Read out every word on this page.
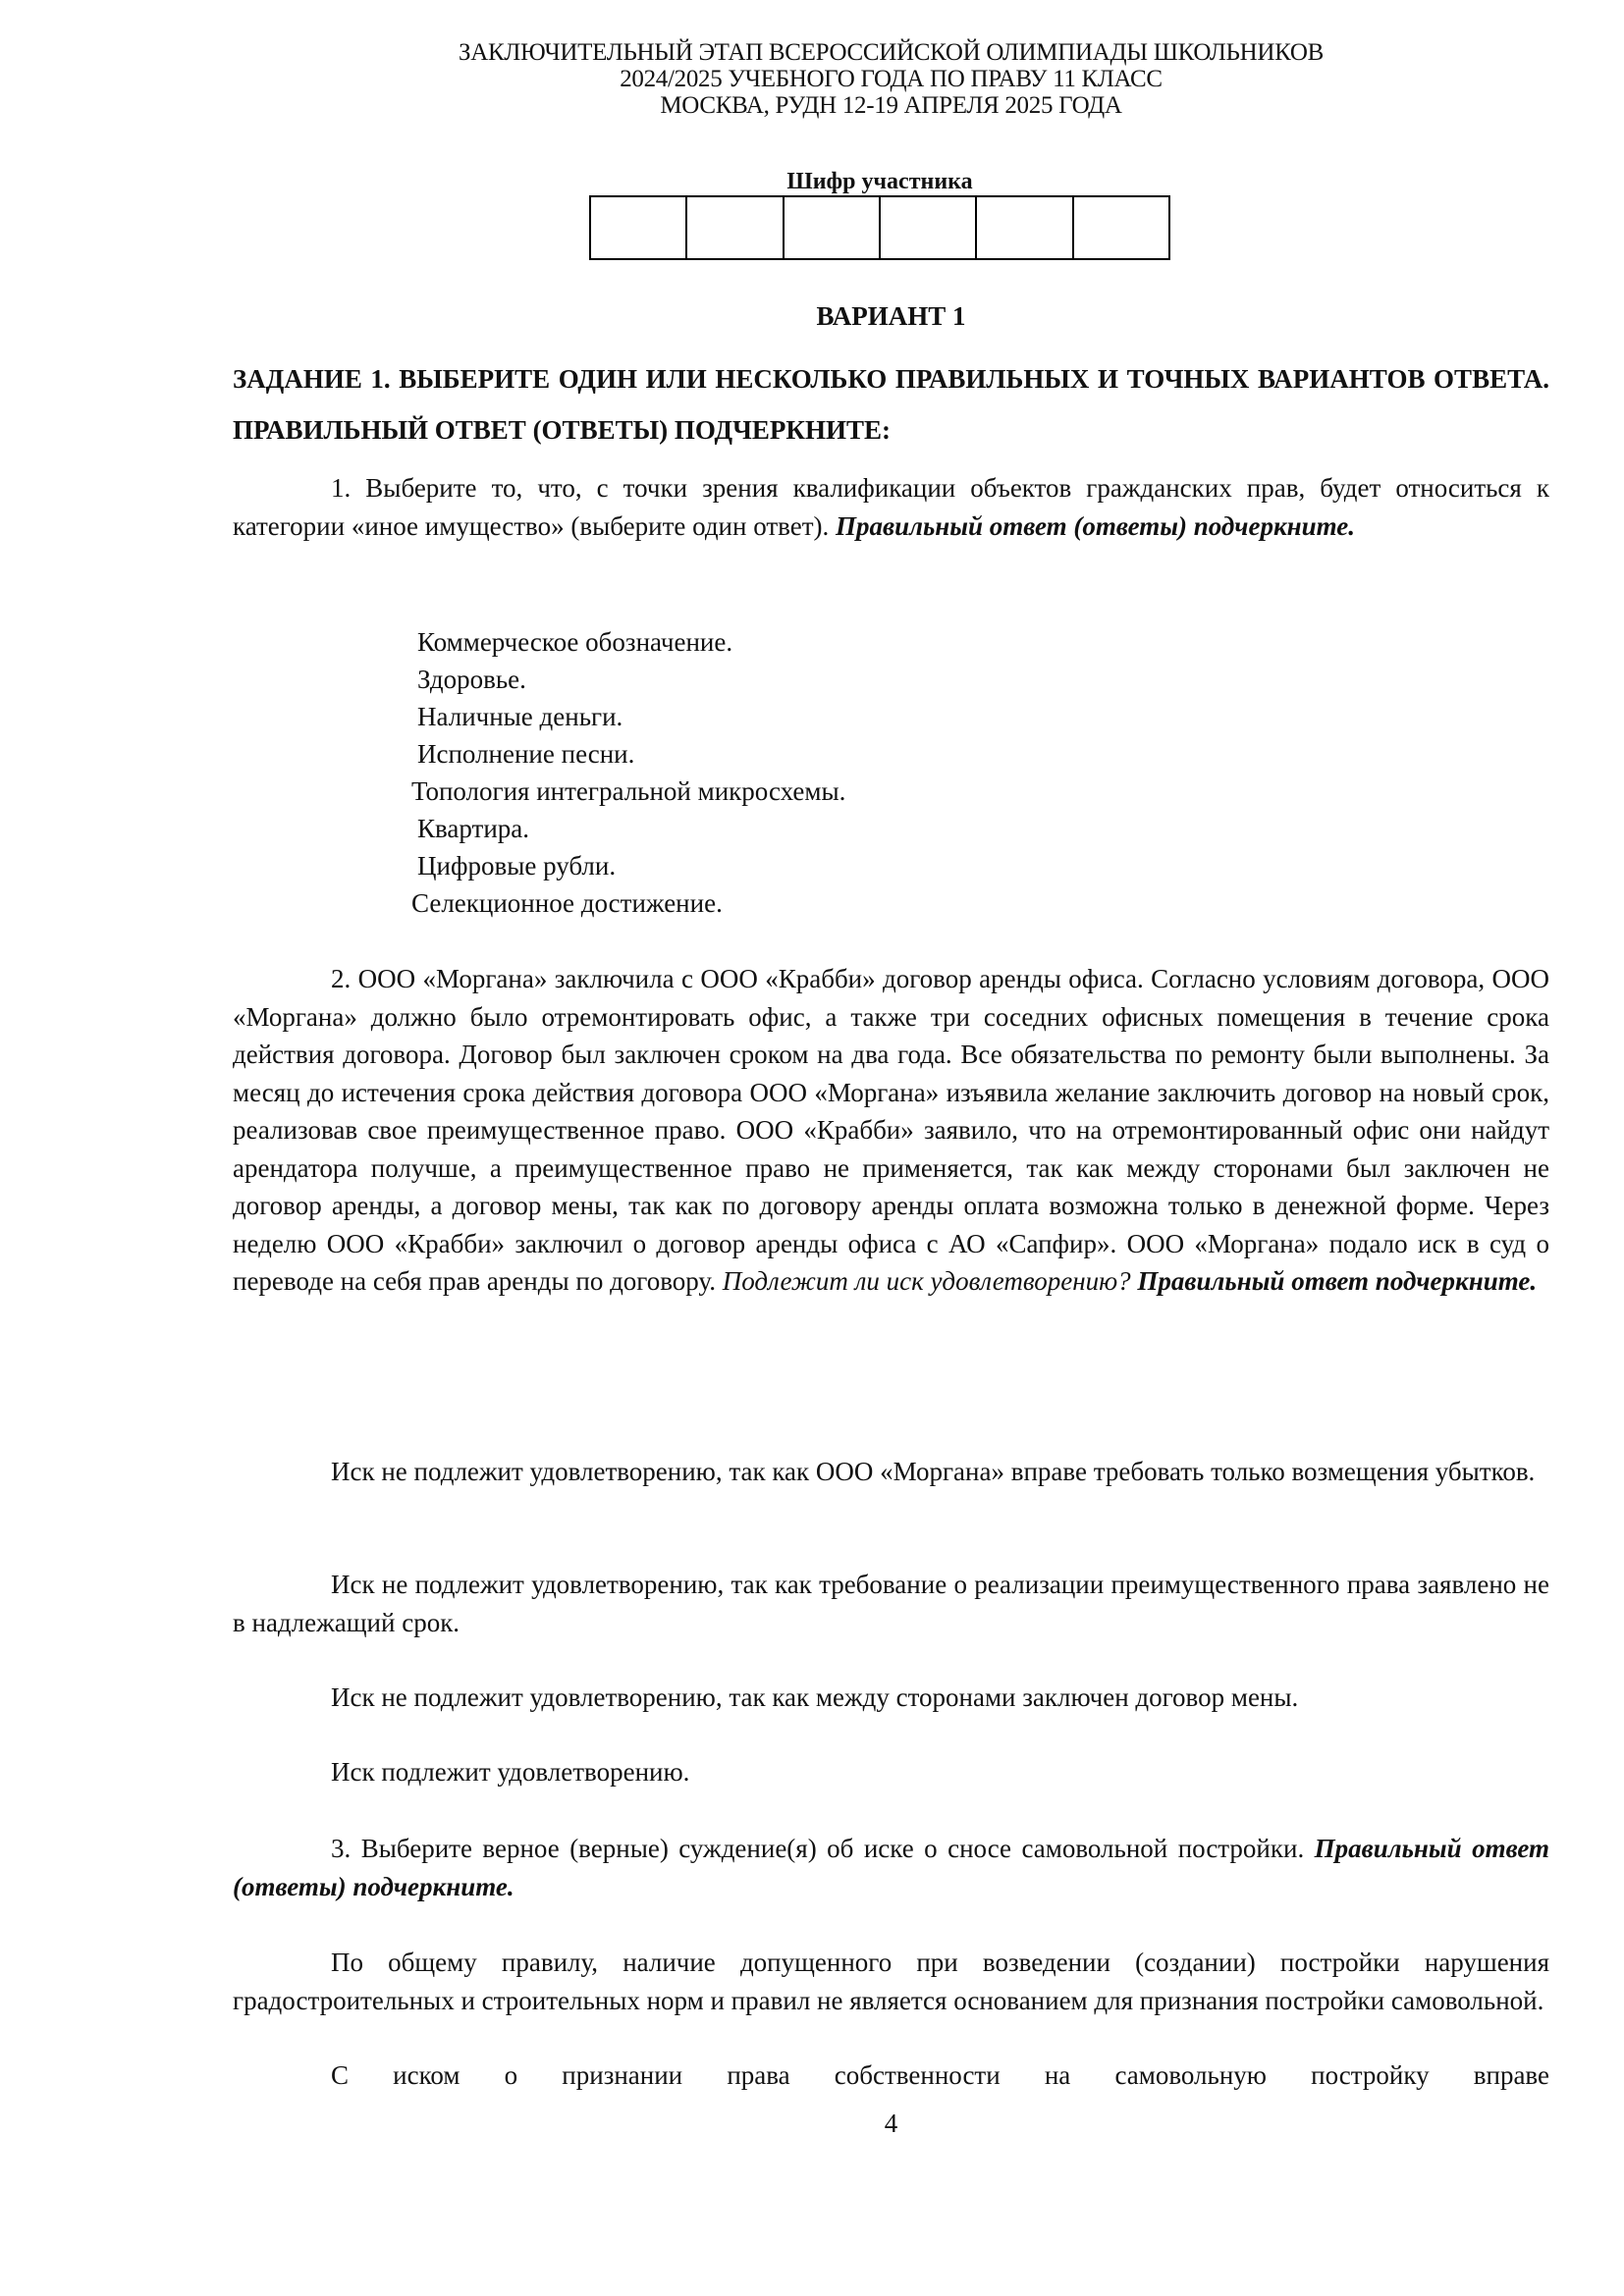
ЗАКЛЮЧИТЕЛЬНЫЙ ЭТАП ВСЕРОССИЙСКОЙ ОЛИМПИАДЫ ШКОЛЬНИКОВ
2024/2025 УЧЕБНОГО ГОДА ПО ПРАВУ 11 КЛАСС
МОСКВА, РУДН 12-19 АПРЕЛЯ 2025 ГОДА
Шифр участника
ВАРИАНТ 1
ЗАДАНИЕ 1. ВЫБЕРИТЕ ОДИН ИЛИ НЕСКОЛЬКО ПРАВИЛЬНЫХ И ТОЧНЫХ ВАРИАНТОВ ОТВЕТА. ПРАВИЛЬНЫЙ ОТВЕТ (ОТВЕТЫ) ПОДЧЕРКНИТЕ:
1. Выберите то, что, с точки зрения квалификации объектов гражданских прав, будет относиться к категории «иное имущество» (выберите один ответ). Правильный ответ (ответы) подчеркните.
Коммерческое обозначение.
Здоровье.
Наличные деньги.
Исполнение песни.
Топология интегральной микросхемы.
Квартира.
Цифровые рубли.
Селекционное достижение.
2. ООО «Моргана» заключила с ООО «Крабби» договор аренды офиса. Согласно условиям договора, ООО «Моргана» должно было отремонтировать офис, а также три соседних офисных помещения в течение срока действия договора. Договор был заключен сроком на два года. Все обязательства по ремонту были выполнены. За месяц до истечения срока действия договора ООО «Моргана» изъявила желание заключить договор на новый срок, реализовав свое преимущественное право. ООО «Крабби» заявило, что на отремонтированный офис они найдут арендатора получше, а преимущественное право не применяется, так как между сторонами был заключен не договор аренды, а договор мены, так как по договору аренды оплата возможна только в денежной форме. Через неделю ООО «Крабби» заключил о договор аренды офиса с АО «Сапфир». ООО «Моргана» подало иск в суд о переводе на себя прав аренды по договору. Подлежит ли иск удовлетворению? Правильный ответ подчеркните.
Иск не подлежит удовлетворению, так как ООО «Моргана» вправе требовать только возмещения убытков.
Иск не подлежит удовлетворению, так как требование о реализации преимущественного права заявлено не в надлежащий срок.
Иск не подлежит удовлетворению, так как между сторонами заключен договор мены.
Иск подлежит удовлетворению.
3. Выберите верное (верные) суждение(я) об иске о сносе самовольной постройки. Правильный ответ (ответы) подчеркните.
По общему правилу, наличие допущенного при возведении (создании) постройки нарушения градостроительных и строительных норм и правил не является основанием для признания постройки самовольной.
С иском о признании права собственности на самовольную постройку вправе
4
